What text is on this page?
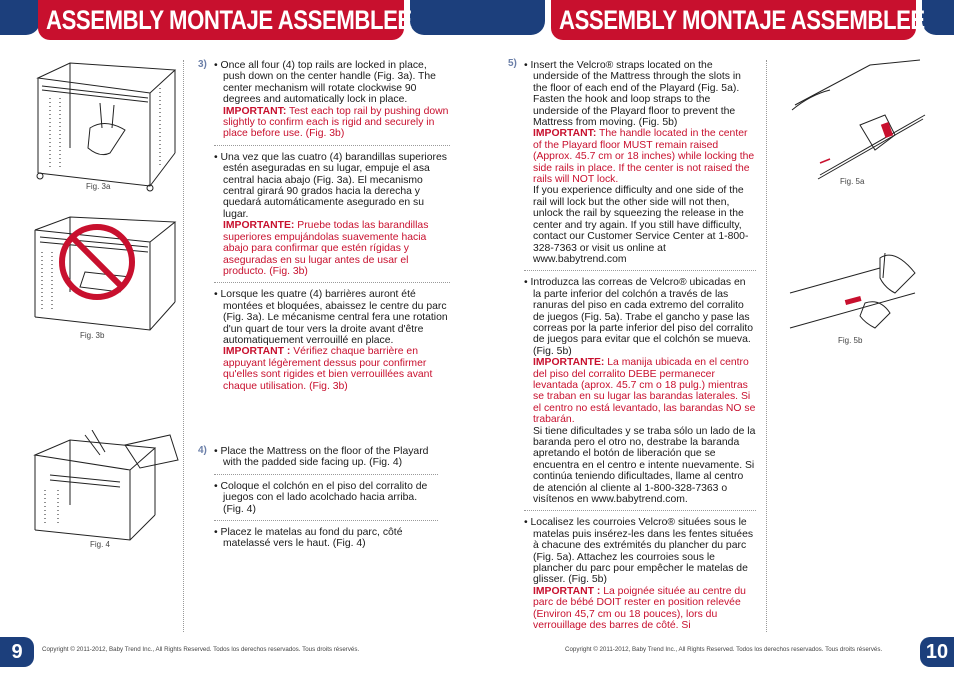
ASSEMBLY MONTAJE ASSEMBLEE	ASSEMBLY MONTAJE ASSEMBLEE
Fig. 3a
Fig. 3b
Fig. 4
3) • Once all four (4) top rails are locked in place, push down on the center handle (Fig. 3a). The center mechanism will rotate clockwise 90 degrees and automatically lock in place.

IMPORTANT: Test each top rail by pushing down slightly to confirm each is rigid and securely in place before use. (Fig. 3b)

• Una vez que las cuatro (4) barandillas superiores estén aseguradas en su lugar, empuje el asa central hacia abajo (Fig. 3a). El mecanismo central girará 90 grados hacia la derecha y quedará automáticamente asegurado en su lugar.

IMPORTANTE: Pruebe todas las barandillas superiores empujándolas suavemente hacia abajo para confirmar que estén rígidas y aseguradas en su lugar antes de usar el producto. (Fig. 3b)

• Lorsque les quatre (4) barrières auront été montées et bloquées, abaissez le centre du parc (Fig. 3a). Le mécanisme central fera une rotation d'un quart de tour vers la droite avant d'être automatiquement verrouillé en place.

IMPORTANT : Vérifiez chaque barrière en appuyant légèrement dessus pour confirmer qu'elles sont rigides et bien verrouillées avant chaque utilisation. (Fig. 3b)

4) • Place the Mattress on the floor of the Playard with the padded side facing up. (Fig. 4)

• Coloque el colchón en el piso del corralito de juegos con el lado acolchado hacia arriba. (Fig. 4)

• Placez le matelas au fond du parc, côté matelassé vers le haut. (Fig. 4)

5) • Insert the Velcro® straps located on the underside of the Mattress through the slots in the floor of each end of the Playard (Fig. 5a). Fasten the hook and loop straps to the underside of the Playard floor to prevent the Mattress from moving. (Fig. 5b)

IMPORTANT: The handle located in the center of the Playard floor MUST remain raised (Approx. 45.7 cm or 18 inches) while locking the side rails in place. If the center is not raised the rails will NOT lock.

If you experience difficulty and one side of the rail will lock but the other side will not then, unlock the rail by squeezing the release in the center and try again. If you still have difficulty, contact our Customer Service Center at 1-800-328-7363 or visit us online at www.babytrend.com

• Introduzca las correas de Velcro® ubicadas en la parte inferior del colchón a través de las ranuras del piso en cada extremo del corralito de juegos (Fig. 5a). Trabe el gancho y pase las correas por la parte inferior del piso del corralito de juegos para evitar que el colchón se mueva. (Fig. 5b)

IMPORTANTE: La manija ubicada en el centro del piso del corralito DEBE permanecer levantada (aprox. 45.7 cm o 18 pulg.) mientras se traban en su lugar las barandas laterales. Si el centro no está levantado, las barandas NO se trabarán.

Si tiene dificultades y se traba sólo un lado de la baranda pero el otro no, destrabe la baranda apretando el botón de liberación que se encuentra en el centro e intente nuevamente. Si continúa teniendo dificultades, llame al centro de atención al cliente al 1-800-328-7363 o visítenos en www.babytrend.com.

• Localisez les courroies Velcro® situées sous le matelas puis insérez-les dans les fentes situées à chacune des extrémités du plancher du parc (Fig. 5a). Attachez les courroies sous le plancher du parc pour empêcher le matelas de glisser. (Fig. 5b)

IMPORTANT : La poignée située au centre du parc de bébé DOIT rester en position relevée (Environ 45,7 cm ou 18 pouces), lors du verrouillage des barres de côté. Si

Fig. 5a
Fig. 5b
9	Copyright © 2011-2012, Baby Trend Inc., All Rights Reserved. Todos los derechos reservados. Tous droits réservés.	Copyright © 2011-2012, Baby Trend Inc., All Rights Reserved. Todos los derechos reservados. Tous droits réservés. 10
